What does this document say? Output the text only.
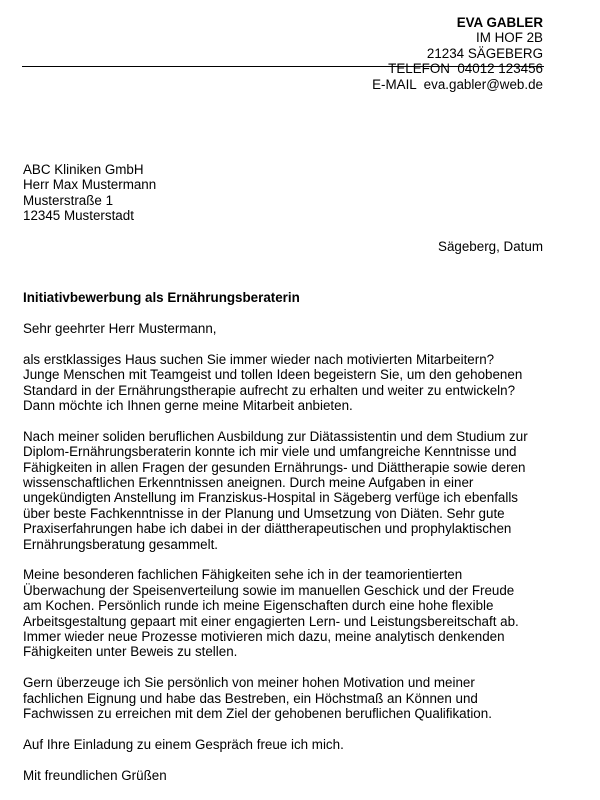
EVA GABLER
IM HOF 2B
21234 SÄGEBERG
TELEFON  04012 123456
E-MAIL  eva.gabler@web.de
ABC Kliniken GmbH
Herr Max Mustermann
Musterstraße 1
12345 Musterstadt
Sägeberg, Datum
Initiativbewerbung als Ernährungsberaterin

Sehr geehrter Herr Mustermann,

als erstklassiges Haus suchen Sie immer wieder nach motivierten Mitarbeitern?
Junge Menschen mit Teamgeist und tollen Ideen begeistern Sie, um den gehobenen
Standard in der Ernährungstherapie aufrecht zu erhalten und weiter zu entwickeln?
Dann möchte ich Ihnen gerne meine Mitarbeit anbieten.

Nach meiner soliden beruflichen Ausbildung zur Diätassistentin und dem Studium zur
Diplom-Ernährungsberaterin konnte ich mir viele und umfangreiche Kenntnisse und
Fähigkeiten in allen Fragen der gesunden Ernährungs- und Diättherapie sowie deren
wissenschaftlichen Erkenntnissen aneignen. Durch meine Aufgaben in einer
ungekündigten Anstellung im Franziskus-Hospital in Sägeberg verfüge ich ebenfalls
über beste Fachkenntnisse in der Planung und Umsetzung von Diäten. Sehr gute
Praxiserfahrungen habe ich dabei in der diättherapeutischen und prophylaktischen
Ernährungsberatung gesammelt.

Meine besonderen fachlichen Fähigkeiten sehe ich in der teamorientierten
Überwachung der Speisenverteilung sowie im manuellen Geschick und der Freude
am Kochen. Persönlich runde ich meine Eigenschaften durch eine hohe flexible
Arbeitsgestaltung gepaart mit einer engagierten Lern- und Leistungsbereitschaft ab.
Immer wieder neue Prozesse motivieren mich dazu, meine analytisch denkenden
Fähigkeiten unter Beweis zu stellen.

Gern überzeuge ich Sie persönlich von meiner hohen Motivation und meiner
fachlichen Eignung und habe das Bestreben, ein Höchstmaß an Können und
Fachwissen zu erreichen mit dem Ziel der gehobenen beruflichen Qualifikation.

Auf Ihre Einladung zu einem Gespräch freue ich mich.

Mit freundlichen Grüßen
